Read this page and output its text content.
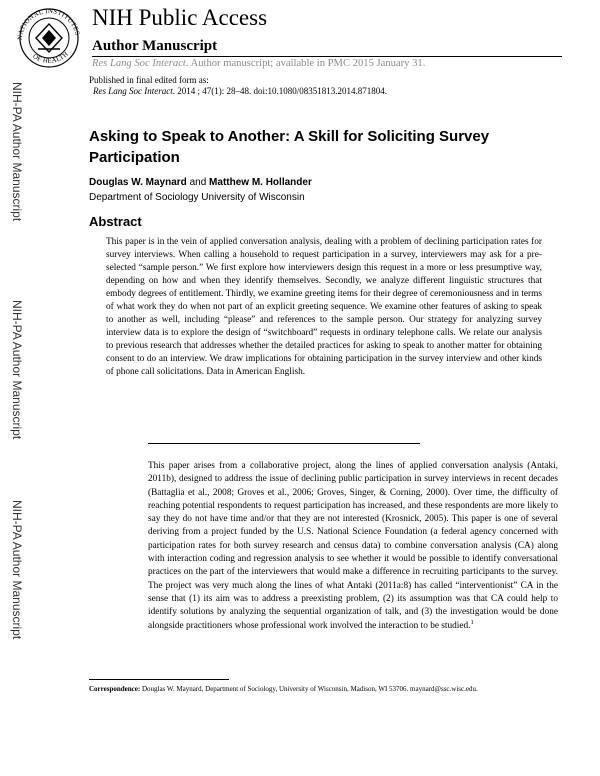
NATIONAL INSTITUTES
OF HEALTH
NIH Public Access
Author Manuscript
Res Lang Soc Interact. Author manuscript; available in PMC 2015 January 31.
Published in final edited form as:
Res Lang Soc Interact. 2014 ; 47(1): 28–48. doi:10.1080/08351813.2014.871804.
NIH-PA Author Manuscript
NIH-PA Author Manuscript
NIH-PA Author Manuscript
Asking to Speak to Another: A Skill for Soliciting Survey Participation
Douglas W. Maynard and Matthew M. Hollander
Department of Sociology University of Wisconsin
Abstract
This paper is in the vein of applied conversation analysis, dealing with a problem of declining participation rates for survey interviews. When calling a household to request participation in a survey, interviewers may ask for a pre-selected “sample person.” We first explore how interviewers design this request in a more or less presumptive way, depending on how and when they identify themselves. Secondly, we analyze different linguistic structures that embody degrees of entitlement. Thirdly, we examine greeting items for their degree of ceremoniousness and in terms of what work they do when not part of an explicit greeting sequence. We examine other features of asking to speak to another as well, including “please” and references to the sample person. Our strategy for analyzing survey interview data is to explore the design of “switchboard” requests in ordinary telephone calls. We relate our analysis to previous research that addresses whether the detailed practices for asking to speak to another matter for obtaining consent to do an interview. We draw implications for obtaining participation in the survey interview and other kinds of phone call solicitations. Data in American English.
This paper arises from a collaborative project, along the lines of applied conversation analysis (Antaki, 2011b), designed to address the issue of declining public participation in survey interviews in recent decades (Battaglia et al., 2008; Groves et al., 2006; Groves, Singer, & Corning, 2000). Over time, the difficulty of reaching potential respondents to request participation has increased, and these respondents are more likely to say they do not have time and/or that they are not interested (Krosnick, 2005). This paper is one of several deriving from a project funded by the U.S. National Science Foundation (a federal agency concerned with participation rates for both survey research and census data) to combine conversation analysis (CA) along with interaction coding and regression analysis to see whether it would be possible to identify conversational practices on the part of the interviewers that would make a difference in recruiting participants to the survey. The project was very much along the lines of what Antaki (2011a:8) has called “interventionist” CA in the sense that (1) its aim was to address a preexisting problem, (2) its assumption was that CA could help to identify solutions by analyzing the sequential organization of talk, and (3) the investigation would be done alongside practitioners whose professional work involved the interaction to be studied.$^1$
Correspondence: Douglas W. Maynard, Department of Sociology, University of Wisconsin, Madison, WI 53706. maynard@ssc.wisc.edu.
